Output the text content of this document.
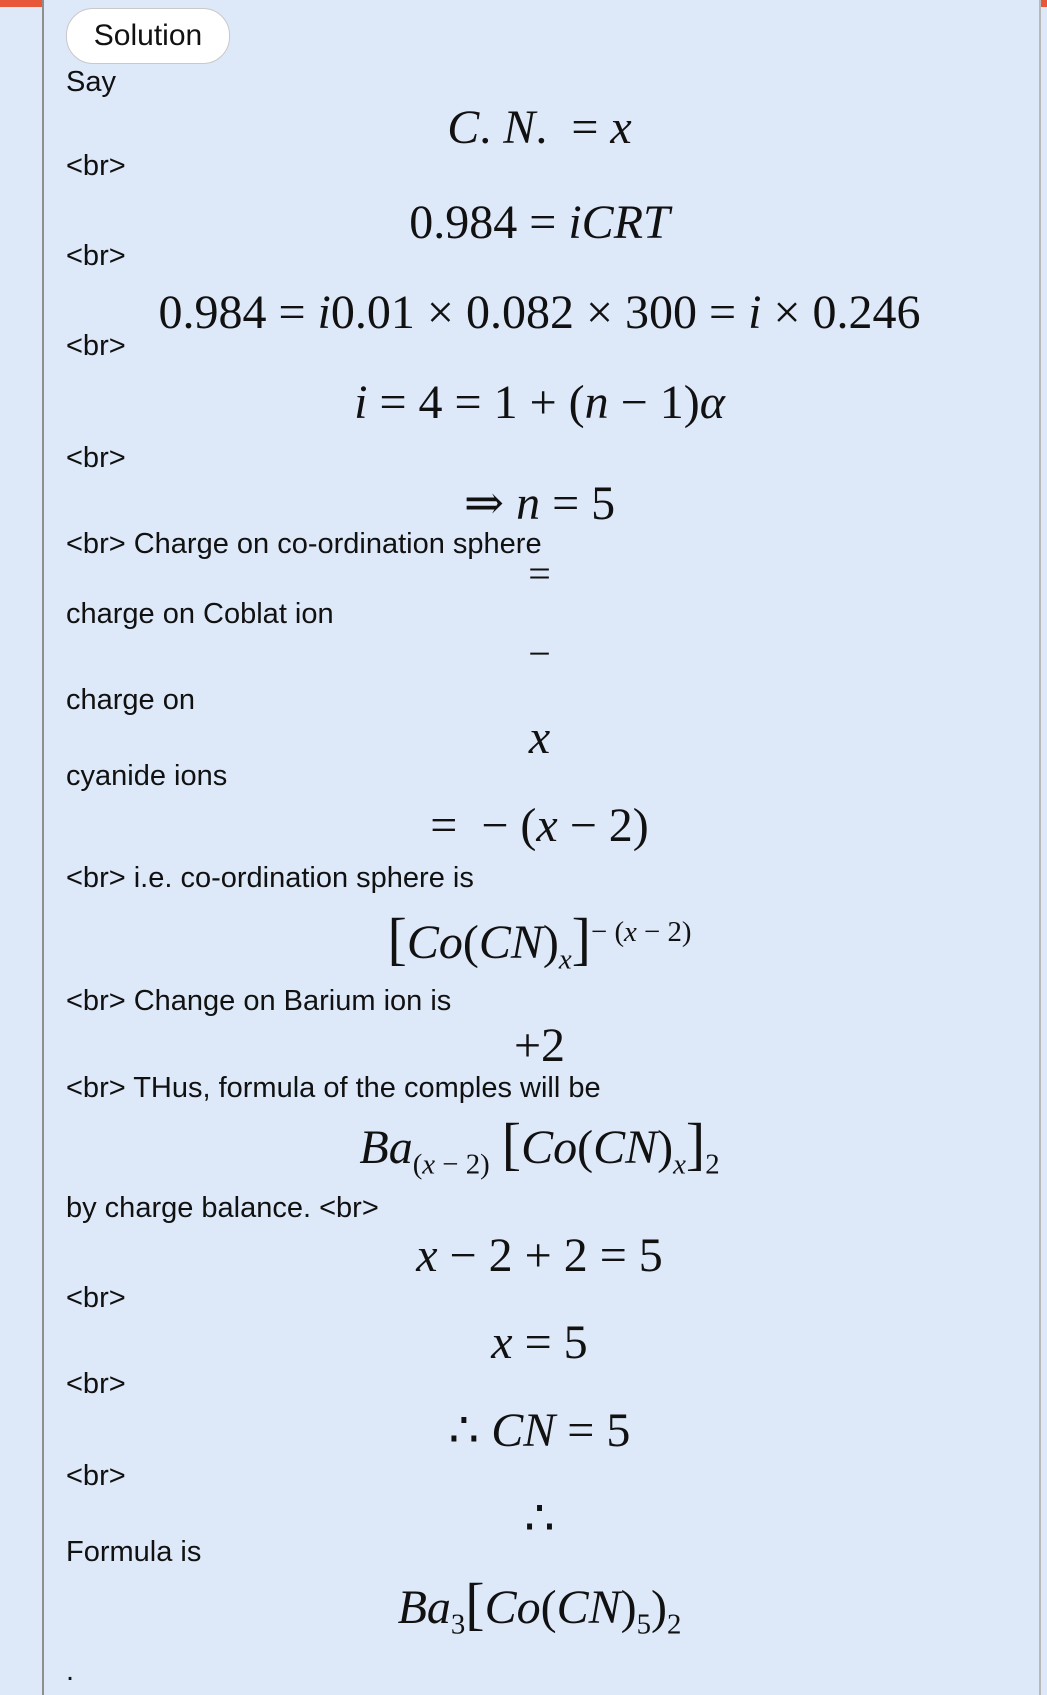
Solution
Say
C. N.  = x
<br>
0.984 = iCRT
<br>
0.984 = i0.01 × 0.082 × 300 = i × 0.246
<br>
i = 4 = 1 + (n − 1)α
<br>
⇒ n = 5
<br> Charge on co-ordination sphere
=
charge on Coblat ion
−
charge on
x
cyanide ions
=  − (x − 2)
<br> i.e. co-ordination sphere is
$[Co(CN)_x]^{- (x - 2)}$
<br> Change on Barium ion is
+2
<br> THus, formula of the comples will be
$Ba_{(x - 2)}$ $[Co(CN)_x]_2$
by charge balance. <br>
x − 2 + 2 = 5
<br>
x = 5
<br>
∴ CN = 5
<br>
∴
Formula is
$Ba_3[Co(CN)_5)_2$
.
